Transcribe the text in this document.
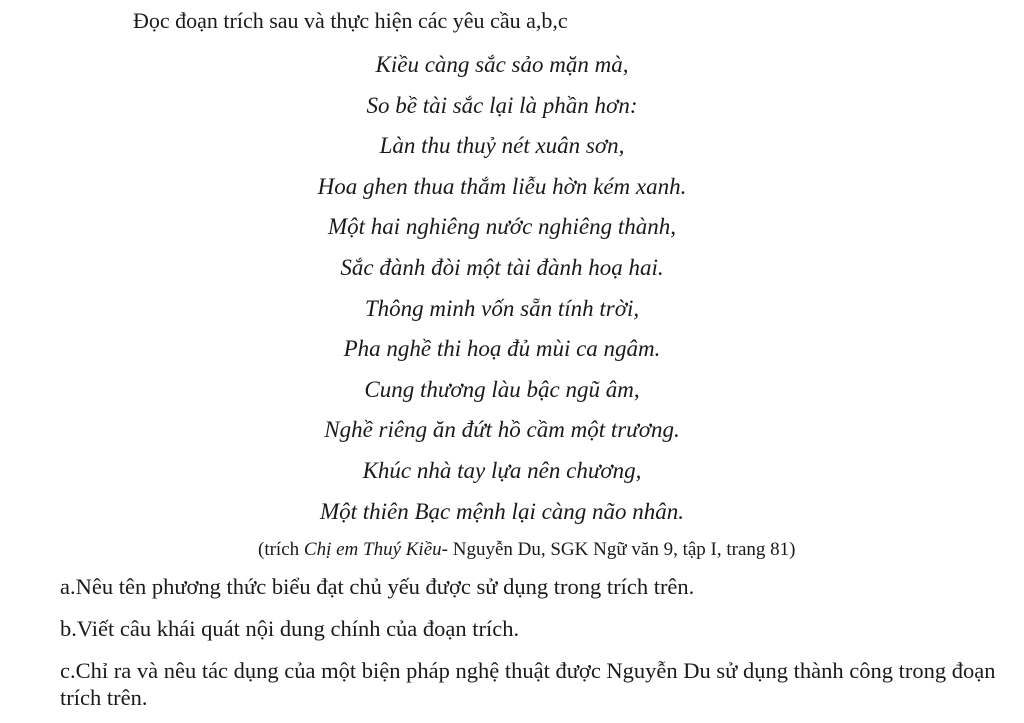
Đọc đoạn trích sau và thực hiện các yêu cầu a,b,c
Kiều càng sắc sảo mặn mà,
So bề tài sắc lại là phần hơn:
Làn thu thuỷ nét xuân sơn,
Hoa ghen thua thắm liễu hờn kém xanh.
Một hai nghiêng nước nghiêng thành,
Sắc đành đòi một tài đành hoạ hai.
Thông minh vốn sẵn tính trời,
Pha nghề thi hoạ đủ mùi ca ngâm.
Cung thương làu bậc ngũ âm,
Nghề riêng ăn đứt hồ cầm một trương.
Khúc nhà tay lựa nên chương,
Một thiên Bạc mệnh lại càng não nhân.
(trích Chị em Thuý Kiều- Nguyễn Du, SGK Ngữ văn 9, tập I, trang 81)

a.Nêu tên phương thức biểu đạt chủ yếu được sử dụng trong trích trên.

b.Viết câu khái quát nội dung chính của đoạn trích.

c.Chỉ ra và nêu tác dụng của một biện pháp nghệ thuật được Nguyễn Du sử dụng thành công trong đoạn trích trên.
